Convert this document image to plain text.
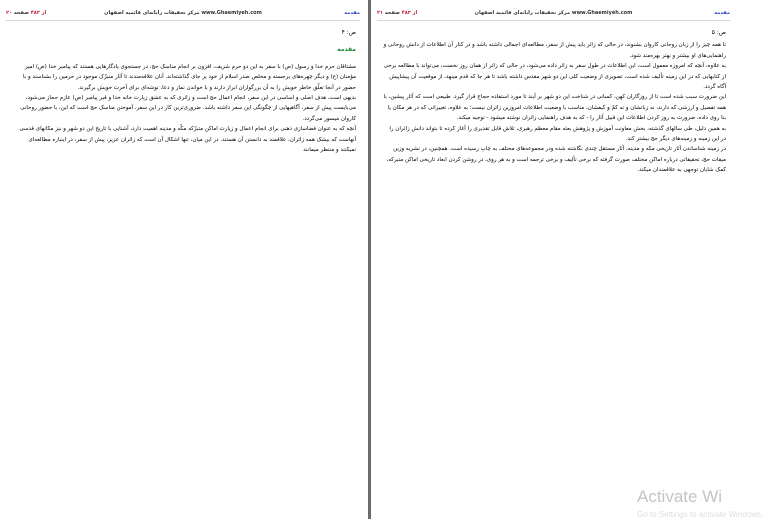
۲۰ از ۴۸۳ صفحه	مرکز تحقیقات رایانه‌ای قائمیه اصفهان www.Ghaemiyeh.com	مقدمه
ص: ۴
مقدمه

مشتاقان حرم خدا و رسول (ص) با سفر به این دو حرم شریف، افزون بر انجام مناسک حج، در جستجوی یادگارهایی هستند که پیامبر خدا (ص) امیر مؤمنان (ع) و دیگر چهره‌های برجسته و مخلص صدر اسلام از خود بر جای گذاشته‌اند. آنان علاقه‌مندند تا آثار متبرّک موجود در حرمین را بشناسند و با حضور در آنجا تعلّق خاطر خویش را به آن بزرگواران ابراز دارند و با خواندن نماز و دعا، توشه‌ای برای آخرت خویش برگیرند.

بدیهی است، هدف اصلی و اساسی در این سفر، انجام اعمال حج است و زائری که به عشق زیارت خانه خدا و قبر پیامبر (ص) عازم حجاز می‌شود، می‌بایست پیش از سفر، آگاهیهایی از چگونگی این سفر داشته باشد. ضروری‌ترین کار در این سفر، آموختن مناسک حج است که این، با حضور روحانی کاروان میسور می‌گردد.

آنچه که به عنوان فضاسازی ذهنی برای انجام اعمال و زیارت اماکن متبرّکه مکّه و مدینه اهمیت دارد، آشنایی با تاریخ این دو شهر و نیز مکانهای قدسی آنهاست که بیشک همه زائران، علاقمند به دانستن آن هستند. در این میان، تنها اشکال آن است که زائران عزیز، پیش از سفر، در اینباره مطالعه‌ای نمیکنند و منتظر میمانند

۲۱ از ۴۸۳ صفحه	مرکز تحقیقات رایانه‌ای قائمیه اصفهان www.Ghaemiyeh.com	مقدمه
ص: ۵

تا همه چیز را از زبان روحانی کاروان بشنوند، در حالی که زائر باید پیش از سفر، مطالعه‌ای اجمالی داشته باشد و در کنار آن اطلاعات از دانش روحانی و راهنمایی‌های او بیشتر و بهتر بهره‌مند شود.

به علاوه، آنچه که امروزه معمول است، این اطلاعات در طول سفر به زائر داده می‌شود، در حالی که زائر از همان روز نخست، می‌تواند با مطالعه برخی از کتابهایی که در این زمینه تألیف شده است، تصویری از وضعیت کلی این دو شهر مقدس داشته باشد تا هر جا که قدم مینهد، از موقعیت آن پیشاپیش آگاه گردد.

این ضرورت سبب شده است تا از روزگاران کهن، کسانی در شناخت این دو شهر بر آیند تا مورد استفاده حجاج قرار گیرد. طبیعی است که آثار پیشین، با همه تفصیل و ارزشی که دارند، نه زبانشان و نه کمّ و کیفشان، مناسب با وضعیت اطلاعات امروزین زائران نیست؛ به علاوه، تغییراتی که در هر مکان یا بنا روی داده، ضرورت به روز کردن اطلاعات این قبیل آثار را - که به هدف راهنمایی زائران نوشته میشود - توجیه میکند.

به همین دلیل، طی سالهای گذشته، بخش معاونت آموزش و پژوهش بعثه مقام معظم رهبری، تلاش قابل تقدیری را آغاز کرده تا بتواند دانش زائران را در این زمینه و زمینه‌های دیگر حج بیشتر کند.

در زمینه شناساندن آثار تاریخی مکه و مدینه، آثار مستقل چندی نگاشته شده ودر مجموعه‌های مختلف به چاپ رسیده است. همچنین، در نشریه وزین میقات حج، تحقیقاتی درباره اماکن مختلف صورت گرفته که برخی تألیف و برخی ترجمه است و به هر روی، در روشن کردن ابعاد تاریخی اماکن متبرکه، کمک شایان توجهی به علاقمندان میکند.

Activate Wi
Go to Settings to activate Windows.
